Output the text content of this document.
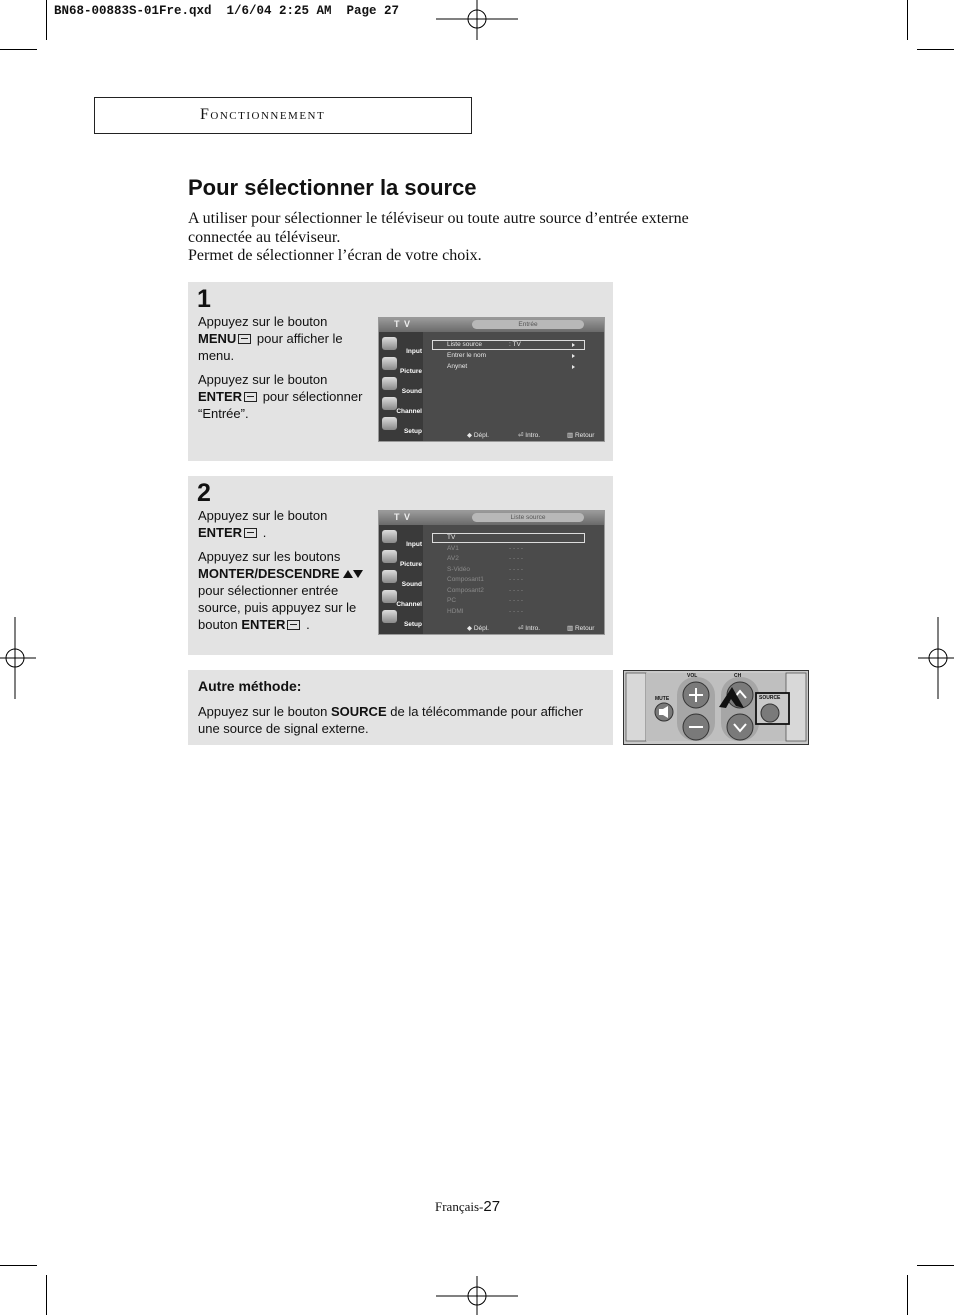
BN68-00883S-01Fre.qxd  1/6/04 2:25 AM  Page 27
Fonctionnement
Pour sélectionner la source

A utiliser pour sélectionner le téléviseur ou toute autre source d’entrée externe

connectée au téléviseur.

Permet de sélectionner l’écran de votre choix.

1

Appuyez sur le bouton
MENU pour afficher le menu.

Appuyez sur le bouton
ENTER pour sélectionner “Entrée”.

T V	Entrée
Input
Picture
Sound
Channel
Setup
Liste source	: TV
Entrer le nom
Anynet
◆ Dépl.	⏎ Intro.	▥ Retour
2

Appuyez sur le bouton
ENTER .

Appuyez sur les boutons
MONTER/DESCENDRE  pour sélectionner entrée source, puis appuyez sur le bouton ENTER .

T V	Liste source
Input
Picture
Sound
Channel
Setup
TV
AV1	- - - -
AV2	- - - -
S-Vidéo	- - - -
Composant1	- - - -
Composant2	- - - -
PC	- - - -
HDMI	- - - -
◆ Dépl.	⏎ Intro.	▥ Retour
Autre méthode:
Appuyez sur le bouton SOURCE de la télécommande pour afficher une source de signal externe.
VOL	CH
MUTE	SOURCE
Français-27
